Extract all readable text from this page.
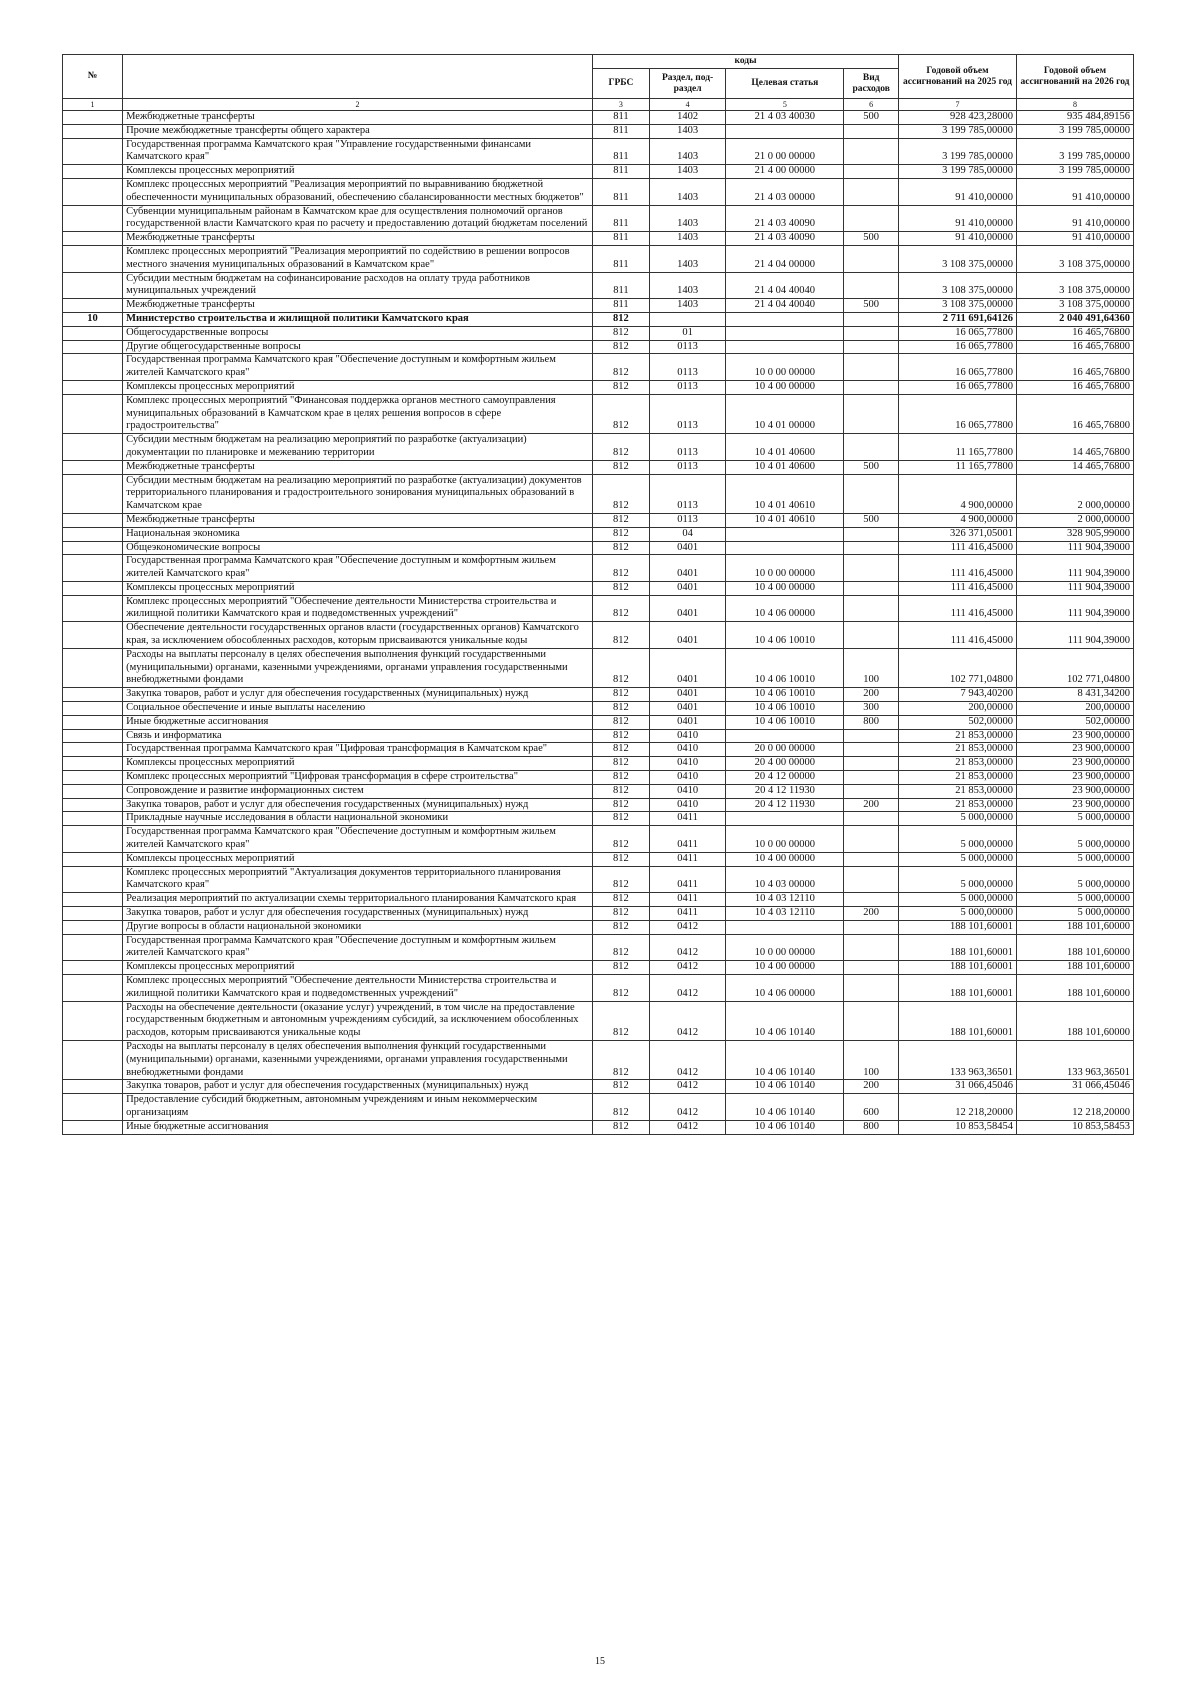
№		коды				Годовой объем ассигнований на 2025 год	Годовой объем ассигнований на 2026 год
		ГРБС	Раздел, под-раздел	Целевая статья	Вид расходов		
1	2	3	4	5	6	7	8
	Межбюджетные трансферты	811	1402	21 4 03 40030	500	928 423,28000	935 484,89156
	Прочие межбюджетные трансферты общего характера	811	1403			3 199 785,00000	3 199 785,00000
	Государственная программа Камчатского края "Управление государственными финансами Камчатского края"	811	1403	21 0 00 00000		3 199 785,00000	3 199 785,00000
	Комплексы процессных мероприятий	811	1403	21 4 00 00000		3 199 785,00000	3 199 785,00000
	Комплекс процессных мероприятий "Реализация мероприятий по выравниванию бюджетной обеспеченности муниципальных образований, обеспечению сбалансированности местных бюджетов"	811	1403	21 4 03 00000		91 410,00000	91 410,00000
	Субвенции муниципальным районам в Камчатском крае для осуществления полномочий органов государственной власти Камчатского края по расчету и предоставлению дотаций бюджетам поселений	811	1403	21 4 03 40090		91 410,00000	91 410,00000
	Межбюджетные трансферты	811	1403	21 4 03 40090	500	91 410,00000	91 410,00000
	Комплекс процессных мероприятий "Реализация мероприятий по содействию в решении вопросов местного значения муниципальных образований в Камчатском крае"	811	1403	21 4 04 00000		3 108 375,00000	3 108 375,00000
	Субсидии местным бюджетам на софинансирование расходов на оплату труда работников муниципальных учреждений	811	1403	21 4 04 40040		3 108 375,00000	3 108 375,00000
	Межбюджетные трансферты	811	1403	21 4 04 40040	500	3 108 375,00000	3 108 375,00000
10	Министерство строительства и жилищной политики Камчатского края	812				2 711 691,64126	2 040 491,64360
	Общегосударственные вопросы	812	01			16 065,77800	16 465,76800
	Другие общегосударственные вопросы	812	0113			16 065,77800	16 465,76800
	Государственная программа Камчатского края "Обеспечение доступным и комфортным жильем жителей Камчатского края"	812	0113	10 0 00 00000		16 065,77800	16 465,76800
	Комплексы процессных мероприятий	812	0113	10 4 00 00000		16 065,77800	16 465,76800
	Комплекс процессных мероприятий "Финансовая поддержка органов местного самоуправления муниципальных образований в Камчатском крае в целях решения вопросов в сфере градостроительства"	812	0113	10 4 01 00000		16 065,77800	16 465,76800
	Субсидии местным бюджетам на реализацию мероприятий по разработке (актуализации) документации по планировке и межеванию территории	812	0113	10 4 01 40600		11 165,77800	14 465,76800
	Межбюджетные трансферты	812	0113	10 4 01 40600	500	11 165,77800	14 465,76800
	Субсидии местным бюджетам на реализацию мероприятий по разработке (актуализации) документов территориального планирования и градостроительного зонирования муниципальных образований в Камчатском крае	812	0113	10 4 01 40610		4 900,00000	2 000,00000
	Межбюджетные трансферты	812	0113	10 4 01 40610	500	4 900,00000	2 000,00000
	Национальная экономика	812	04			326 371,05001	328 905,99000
	Общеэкономические вопросы	812	0401			111 416,45000	111 904,39000
	Государственная программа Камчатского края "Обеспечение доступным и комфортным жильем жителей Камчатского края"	812	0401	10 0 00 00000		111 416,45000	111 904,39000
	Комплексы процессных мероприятий	812	0401	10 4 00 00000		111 416,45000	111 904,39000
	Комплекс процессных мероприятий "Обеспечение деятельности Министерства строительства и жилищной политики Камчатского края и подведомственных учреждений"	812	0401	10 4 06 00000		111 416,45000	111 904,39000
	Обеспечение деятельности государственных органов власти (государственных органов) Камчатского края, за исключением обособленных расходов, которым присваиваются уникальные коды	812	0401	10 4 06 10010		111 416,45000	111 904,39000
	Расходы на выплаты персоналу в целях обеспечения выполнения функций государственными (муниципальными) органами, казенными учреждениями, органами управления государственными внебюджетными фондами	812	0401	10 4 06 10010	100	102 771,04800	102 771,04800
	Закупка товаров, работ и услуг для обеспечения государственных (муниципальных) нужд	812	0401	10 4 06 10010	200	7 943,40200	8 431,34200
	Социальное обеспечение и иные выплаты населению	812	0401	10 4 06 10010	300	200,00000	200,00000
	Иные бюджетные ассигнования	812	0401	10 4 06 10010	800	502,00000	502,00000
	Связь и информатика	812	0410			21 853,00000	23 900,00000
	Государственная программа Камчатского края "Цифровая трансформация в Камчатском крае"	812	0410	20 0 00 00000		21 853,00000	23 900,00000
	Комплексы процессных мероприятий	812	0410	20 4 00 00000		21 853,00000	23 900,00000
	Комплекс процессных мероприятий "Цифровая трансформация в сфере строительства"	812	0410	20 4 12 00000		21 853,00000	23 900,00000
	Сопровождение и развитие информационных систем	812	0410	20 4 12 11930		21 853,00000	23 900,00000
	Закупка товаров, работ и услуг для обеспечения государственных (муниципальных) нужд	812	0410	20 4 12 11930	200	21 853,00000	23 900,00000
	Прикладные научные исследования в области национальной экономики	812	0411			5 000,00000	5 000,00000
	Государственная программа Камчатского края "Обеспечение доступным и комфортным жильем жителей Камчатского края"	812	0411	10 0 00 00000		5 000,00000	5 000,00000
	Комплексы процессных мероприятий	812	0411	10 4 00 00000		5 000,00000	5 000,00000
	Комплекс процессных мероприятий "Актуализация документов территориального планирования Камчатского края"	812	0411	10 4 03 00000		5 000,00000	5 000,00000
	Реализация мероприятий по актуализации схемы территориального планирования Камчатского края	812	0411	10 4 03 12110		5 000,00000	5 000,00000
	Закупка товаров, работ и услуг для обеспечения государственных (муниципальных) нужд	812	0411	10 4 03 12110	200	5 000,00000	5 000,00000
	Другие вопросы в области национальной экономики	812	0412			188 101,60001	188 101,60000
	Государственная программа Камчатского края "Обеспечение доступным и комфортным жильем жителей Камчатского края"	812	0412	10 0 00 00000		188 101,60001	188 101,60000
	Комплексы процессных мероприятий	812	0412	10 4 00 00000		188 101,60001	188 101,60000
	Комплекс процессных мероприятий "Обеспечение деятельности Министерства строительства и жилищной политики Камчатского края и подведомственных учреждений"	812	0412	10 4 06 00000		188 101,60001	188 101,60000
	Расходы на обеспечение деятельности (оказание услуг) учреждений, в том числе на предоставление государственным бюджетным и автономным учреждениям субсидий, за исключением обособленных расходов, которым присваиваются уникальные коды	812	0412	10 4 06 10140		188 101,60001	188 101,60000
	Расходы на выплаты персоналу в целях обеспечения выполнения функций государственными (муниципальными) органами, казенными учреждениями, органами управления государственными внебюджетными фондами	812	0412	10 4 06 10140	100	133 963,36501	133 963,36501
	Закупка товаров, работ и услуг для обеспечения государственных (муниципальных) нужд	812	0412	10 4 06 10140	200	31 066,45046	31 066,45046
	Предоставление субсидий бюджетным, автономным учреждениям и иным некоммерческим организациям	812	0412	10 4 06 10140	600	12 218,20000	12 218,20000
	Иные бюджетные ассигнования	812	0412	10 4 06 10140	800	10 853,58454	10 853,58453
15
